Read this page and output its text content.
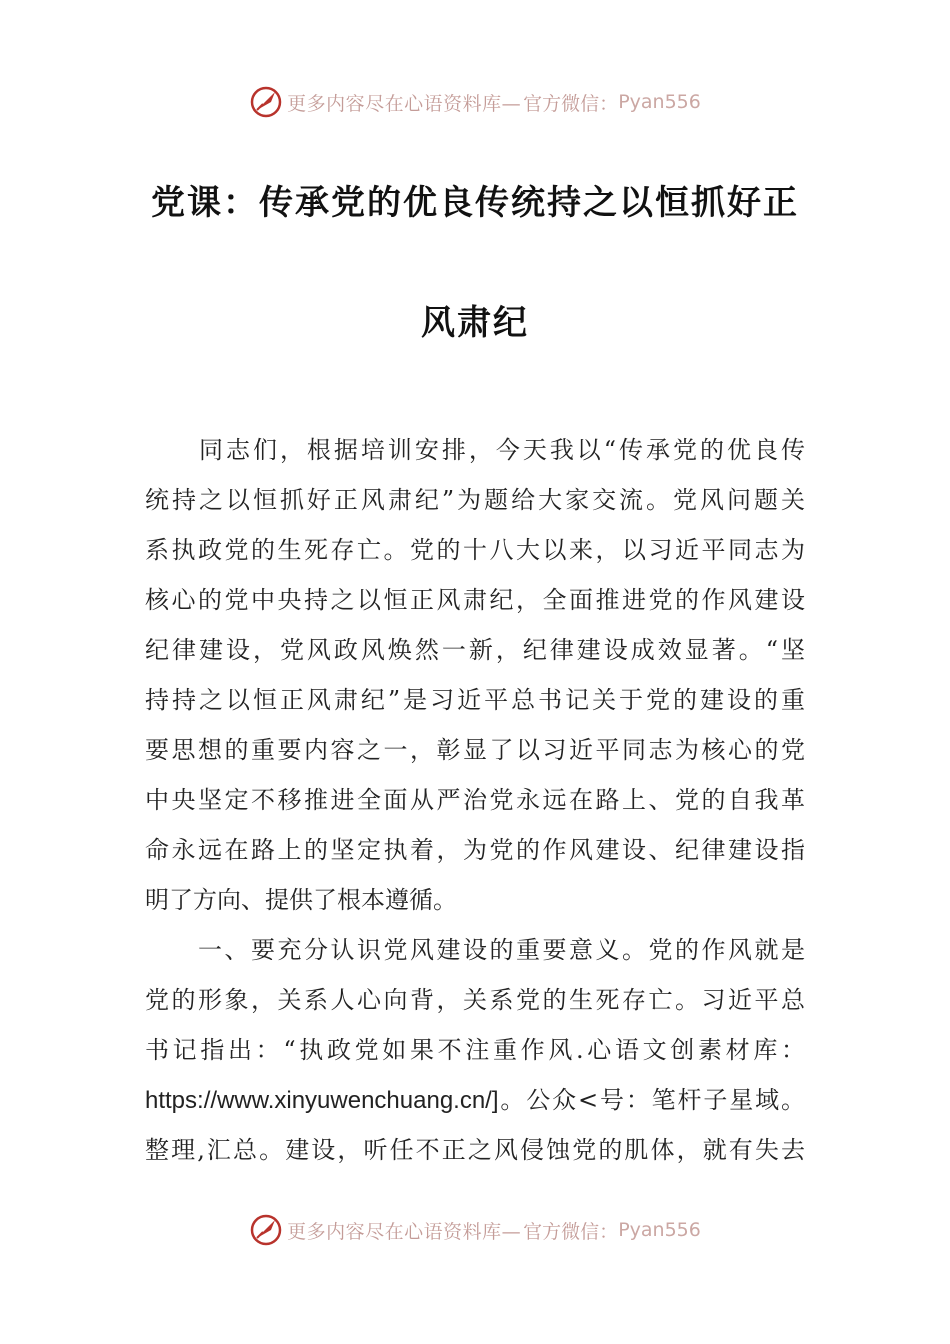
更多内容尽在心语资料库— 官方微信： Pyan556
党课：传承党的优良传统持之以恒抓好正
风肃纪
　　同志们，根据培训安排，今天我以“传承党的优良传
统持之以恒抓好正风肃纪”为题给大家交流。党风问题关
系执政党的生死存亡。党的十八大以来，以习近平同志为
核心的党中央持之以恒正风肃纪，全面推进党的作风建设
纪律建设，党风政风焕然一新，纪律建设成效显著。“坚
持持之以恒正风肃纪”是习近平总书记关于党的建设的重
要思想的重要内容之一，彰显了以习近平同志为核心的党
中央坚定不移推进全面从严治党永远在路上、党的自我革
命永远在路上的坚定执着，为党的作风建设、纪律建设指
明了方向、提供了根本遵循。
　　一、要充分认识党风建设的重要意义。党的作风就是
党的形象，关系人心向背，关系党的生死存亡。习近平总
书记指出：“执政党如果不注重作风.心语文创素材库：
https://www.xinyuwenchuang.cn/]。公众<号：笔杆子星域。
整理,汇总。建设，听任不正之风侵蚀党的肌体，就有失去
更多内容尽在心语资料库— 官方微信： Pyan556
